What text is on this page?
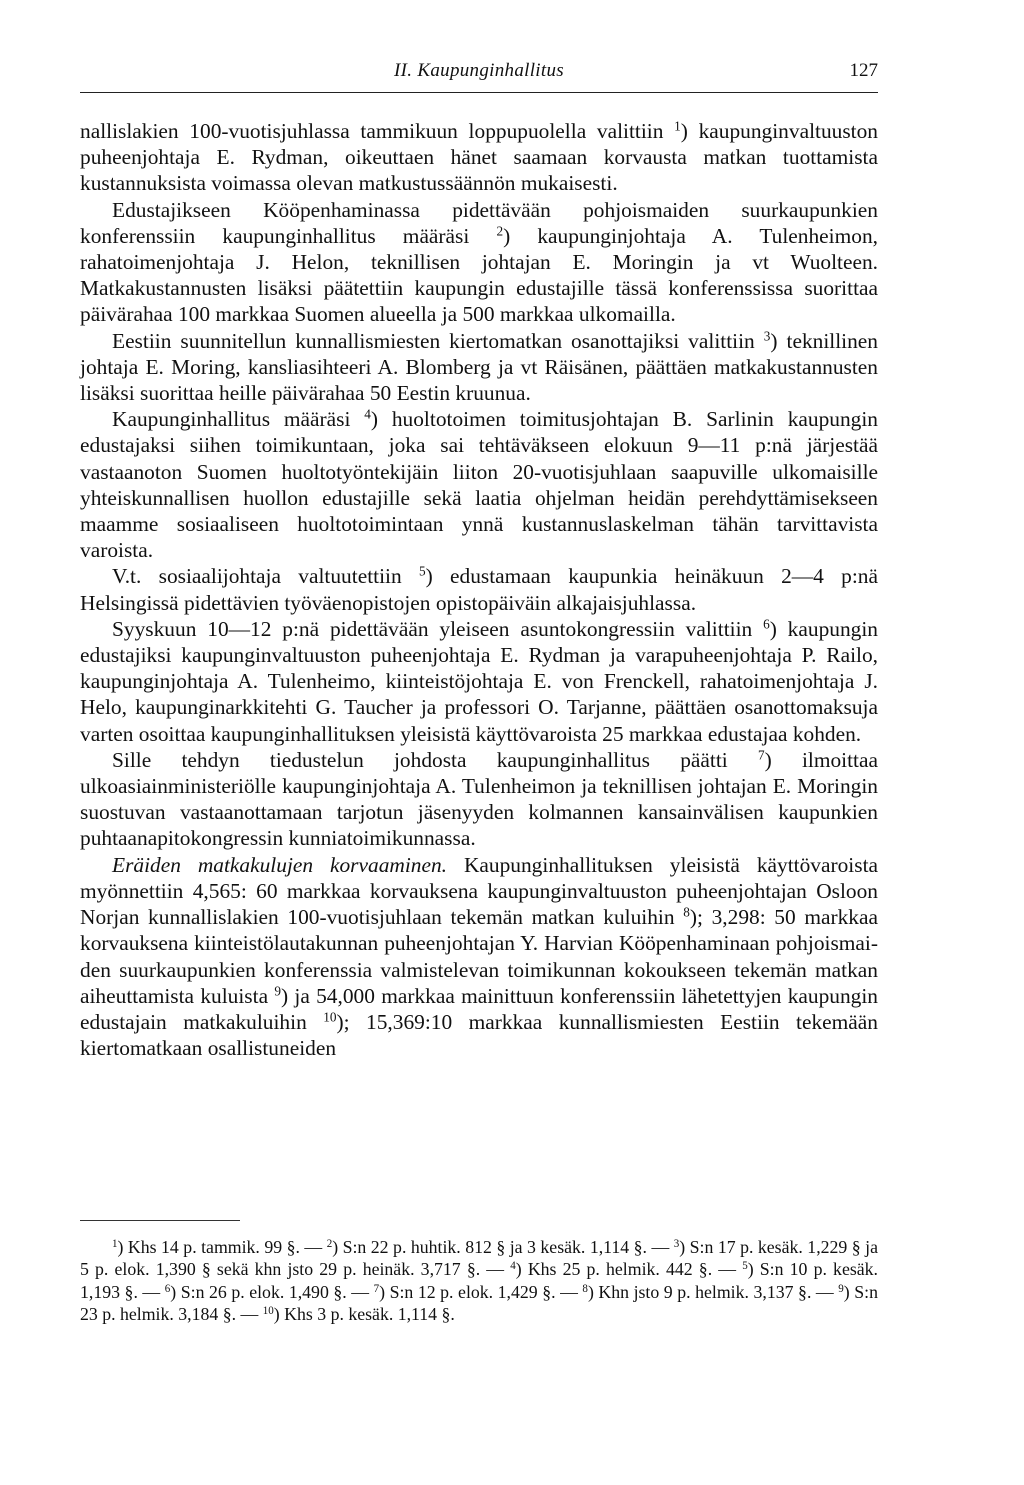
II. Kaupunginhallitus	127

nallislakien 100-vuotisjuhlassa tammikuun loppupuolella valittiin $^1$) kaupunginvaltuuston puheenjohtaja E. Rydman, oikeuttaen hänet saamaan korvausta matkan tuottamista kustannuksista voimassa olevan matkustussäännön mukaisesti.

Edustajikseen Kööpenhaminassa pidettävään pohjoismaiden suurkaupunkien konferenssiin kaupunginhallitus määräsi $^2$) kaupunginjohtaja A. Tulenheimon, rahatoimenjohtaja J. Helon, teknillisen johtajan E. Moringin ja vt Wuolteen. Matkakustannusten lisäksi päätettiin kaupungin edustajille tässä konferenssissa suorittaa päivärahaa 100 markkaa Suomen alueella ja 500 markkaa ulkomailla.

Eestiin suunnitellun kunnallismiesten kiertomatkan osanottajiksi valittiin $^3$) teknillinen johtaja E. Moring, kansliasihteeri A. Blomberg ja vt Räisänen, päättäen matkakustannusten lisäksi suorittaa heille päivärahaa 50 Eestin kruunua.

Kaupunginhallitus määräsi $^4$) huoltotoimen toimitusjohtajan B. Sarlinin kaupungin edustajaksi siihen toimikuntaan, joka sai tehtäväkseen elokuun 9—11 p:nä järjestää vastaanoton Suomen huoltotyöntekijäin liiton 20-vuotisjuhlaan saapuville ulkomaisille yhteiskunnallisen huollon edustajille sekä laatia ohjelman heidän perehdyttämisekseen maamme sosiaaliseen huoltotoimintaan ynnä kustannuslaskelman tähän tarvittavista varoista.

V.t. sosiaalijohtaja valtuutettiin $^5$) edustamaan kaupunkia heinäkuun 2—4 p:nä Helsingissä pidettävien työväenopistojen opistopäiväin alkajaisjuhlassa.

Syyskuun 10—12 p:nä pidettävään yleiseen asuntokongressiin valittiin $^6$) kaupungin edustajiksi kaupunginvaltuuston puheenjohtaja E. Rydman ja varapuheenjohtaja P. Railo, kaupunginjohtaja A. Tulenheimo, kiinteistöjohtaja E. von Frenckell, rahatoimenjohtaja J. Helo, kaupunginarkkitehti G. Taucher ja professori O. Tarjanne, päättäen osanottomaksuja varten osoittaa kaupunginhallituksen yleisistä käyttövaroista 25 markkaa edustajaa kohden.

Sille tehdyn tiedustelun johdosta kaupunginhallitus päätti $^7$) ilmoittaa ulkoasiainministeriölle kaupunginjohtaja A. Tulenheimon ja teknillisen johtajan E. Moringin suostuvan vastaanottamaan tarjotun jäsenyyden kolmannen kansainvälisen kaupunkien puhtaanapitokongressin kunniatoimikunnassa.

Eräiden matkakulujen korvaaminen. Kaupunginhallituksen yleisistä käyttövaroista myönnettiin 4,565: 60 markkaa korvauksena kaupunginvaltuuston puheenjohtajan Osloon Norjan kunnallislakien 100-vuotisjuhlaan tekemän matkan kuluihin $^8$); 3,298: 50 markkaa korvauksena kiinteistölautakunnan puheenjohtajan Y. Harvian Kööpenhaminaan pohjoismaiden suurkaupunkien konferenssia valmistelevan toimikunnan kokoukseen tekemän matkan aiheuttamista kuluista $^9$) ja 54,000 markkaa mainittuun konferenssiin lähetettyjen kaupungin edustajain matkakuluihin $^{10}$); 15,369:10 markkaa kunnallismiesten Eestiin tekemään kiertomatkaan osallistuneiden

$^1$) Khs 14 p. tammik. 99 §. — $^2$) S:n 22 p. huhtik. 812 § ja 3 kesäk. 1,114 §. — $^3$) S:n 17 p. kesäk. 1,229 § ja 5 p. elok. 1,390 § sekä khn jsto 29 p. heinäk. 3,717 §. — $^4$) Khs 25 p. helmik. 442 §. — $^5$) S:n 10 p. kesäk. 1,193 §. — $^6$) S:n 26 p. elok. 1,490 §. — $^7$) S:n 12 p. elok. 1,429 §. — $^8$) Khn jsto 9 p. helmik. 3,137 §. — $^9$) S:n 23 p. helmik. 3,184 §. — $^{10}$) Khs 3 p. kesäk. 1,114 §.
